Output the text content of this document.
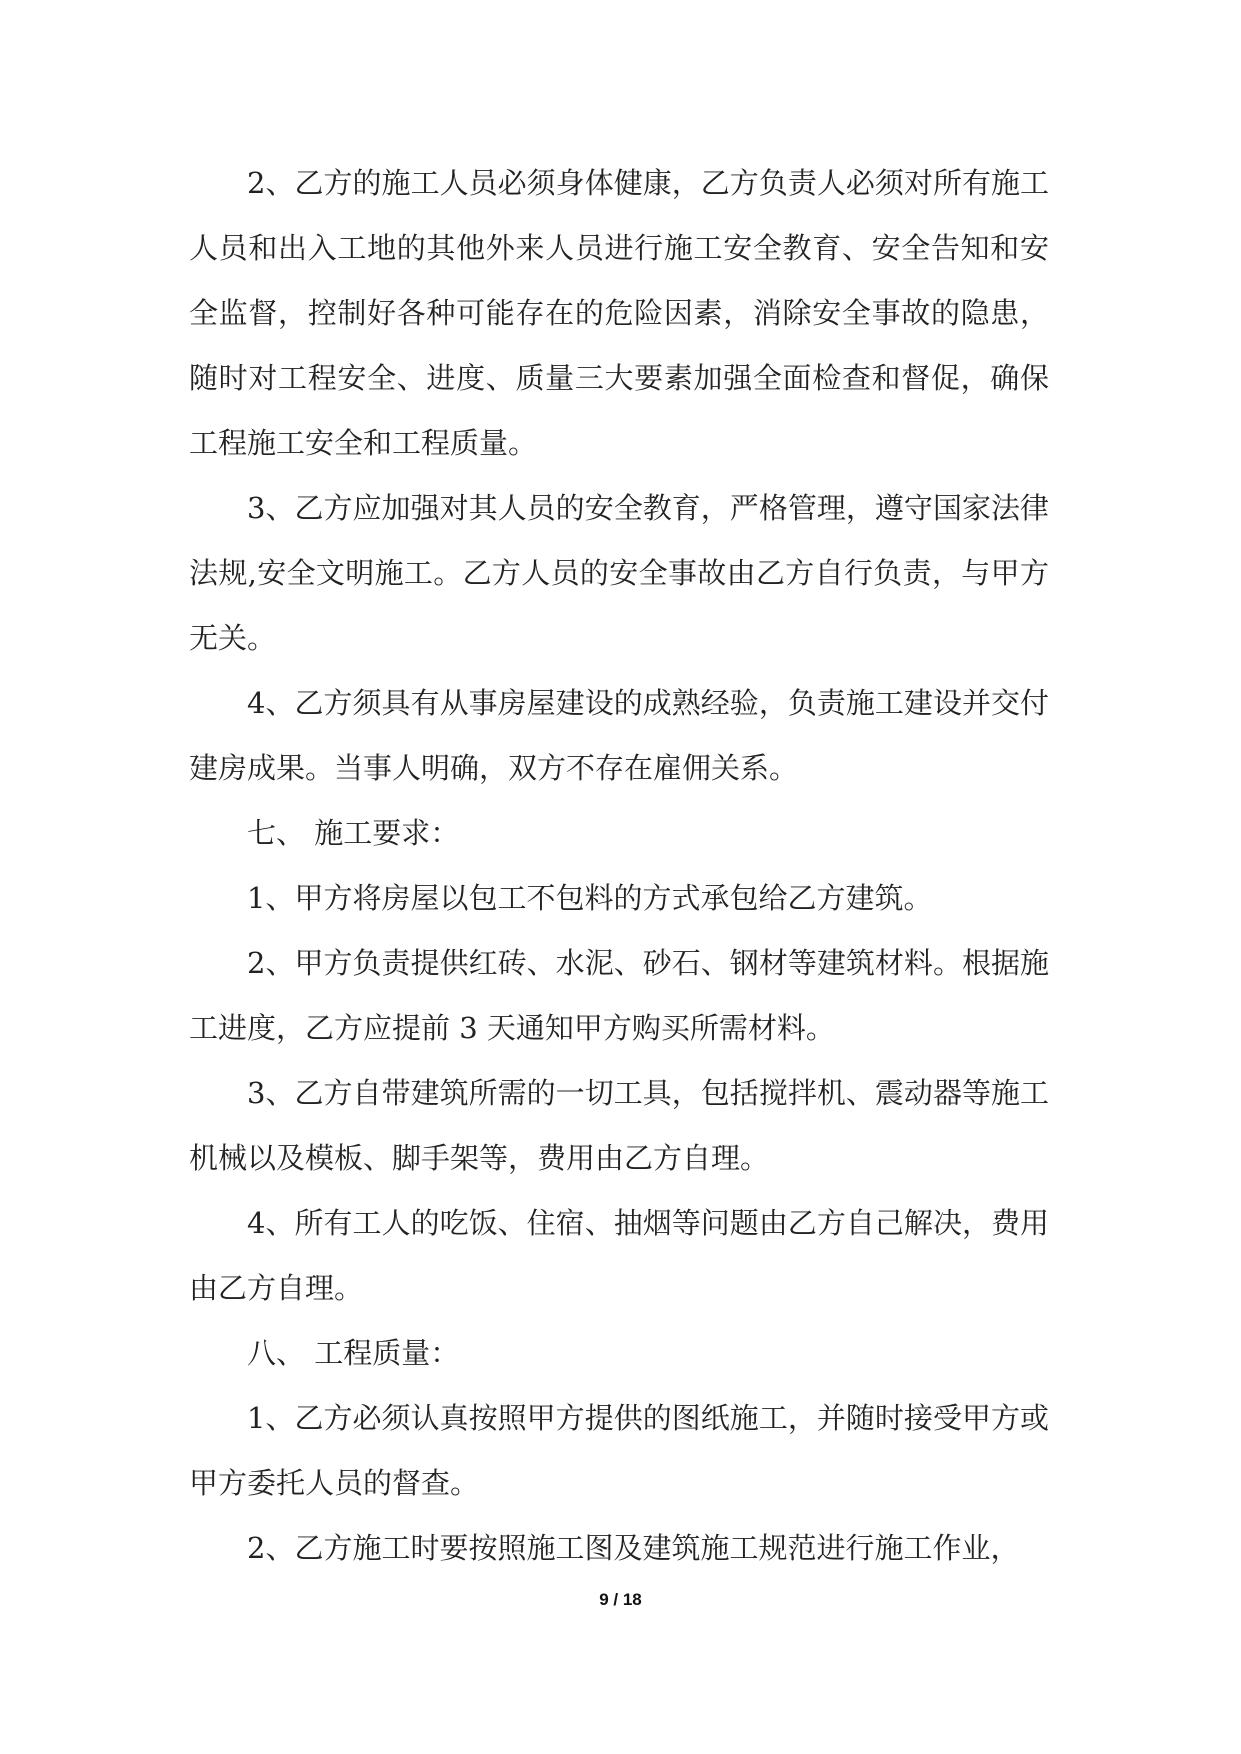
2、乙方的施工人员必须身体健康，乙方负责人必须对所有施工人员和出入工地的其他外来人员进行施工安全教育、安全告知和安全监督，控制好各种可能存在的危险因素，消除安全事故的隐患，随时对工程安全、进度、质量三大要素加强全面检查和督促，确保工程施工安全和工程质量。

3、乙方应加强对其人员的安全教育，严格管理，遵守国家法律法规,安全文明施工。乙方人员的安全事故由乙方自行负责，与甲方无关。

4、乙方须具有从事房屋建设的成熟经验，负责施工建设并交付建房成果。当事人明确，双方不存在雇佣关系。

七、 施工要求：

1、甲方将房屋以包工不包料的方式承包给乙方建筑。

2、甲方负责提供红砖、水泥、砂石、钢材等建筑材料。根据施工进度，乙方应提前 3 天通知甲方购买所需材料。

3、乙方自带建筑所需的一切工具，包括搅拌机、震动器等施工机械以及模板、脚手架等，费用由乙方自理。

4、所有工人的吃饭、住宿、抽烟等问题由乙方自己解决，费用由乙方自理。

八、 工程质量：

1、乙方必须认真按照甲方提供的图纸施工，并随时接受甲方或甲方委托人员的督查。

2、乙方施工时要按照施工图及建筑施工规范进行施工作业，

9 / 18
